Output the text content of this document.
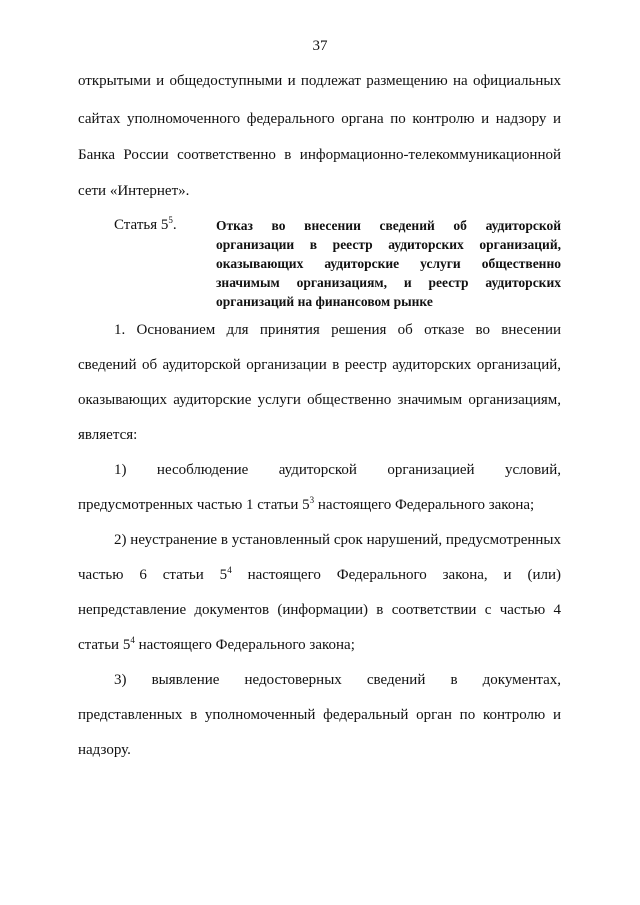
37
открытыми и общедоступными и подлежат размещению на официальных
сайтах уполномоченного федерального органа по контролю и надзору и
Банка России соответственно в информационно-телекоммуникационной
сети «Интернет».
Статья $5^5$.	Отказ во внесении сведений об аудиторской
организации в реестр аудиторских организаций,
оказывающих аудиторские услуги общественно
значимым организациям, и реестр аудиторских
организаций на финансовом рынке
1. Основанием для принятия решения об отказе во внесении
сведений об аудиторской организации в реестр аудиторских организаций,
оказывающих аудиторские услуги общественно значимым организациям,
является:
1) несоблюдение аудиторской организацией условий,
предусмотренных частью 1 статьи $5^3$ настоящего Федерального закона;
2) неустранение в установленный срок нарушений, предусмотренных
частью 6 статьи $5^4$ настоящего Федерального закона, и (или)
непредставление документов (информации) в соответствии с частью 4
статьи $5^4$ настоящего Федерального закона;
3) выявление недостоверных сведений в документах,
представленных в уполномоченный федеральный орган по контролю и
надзору.
